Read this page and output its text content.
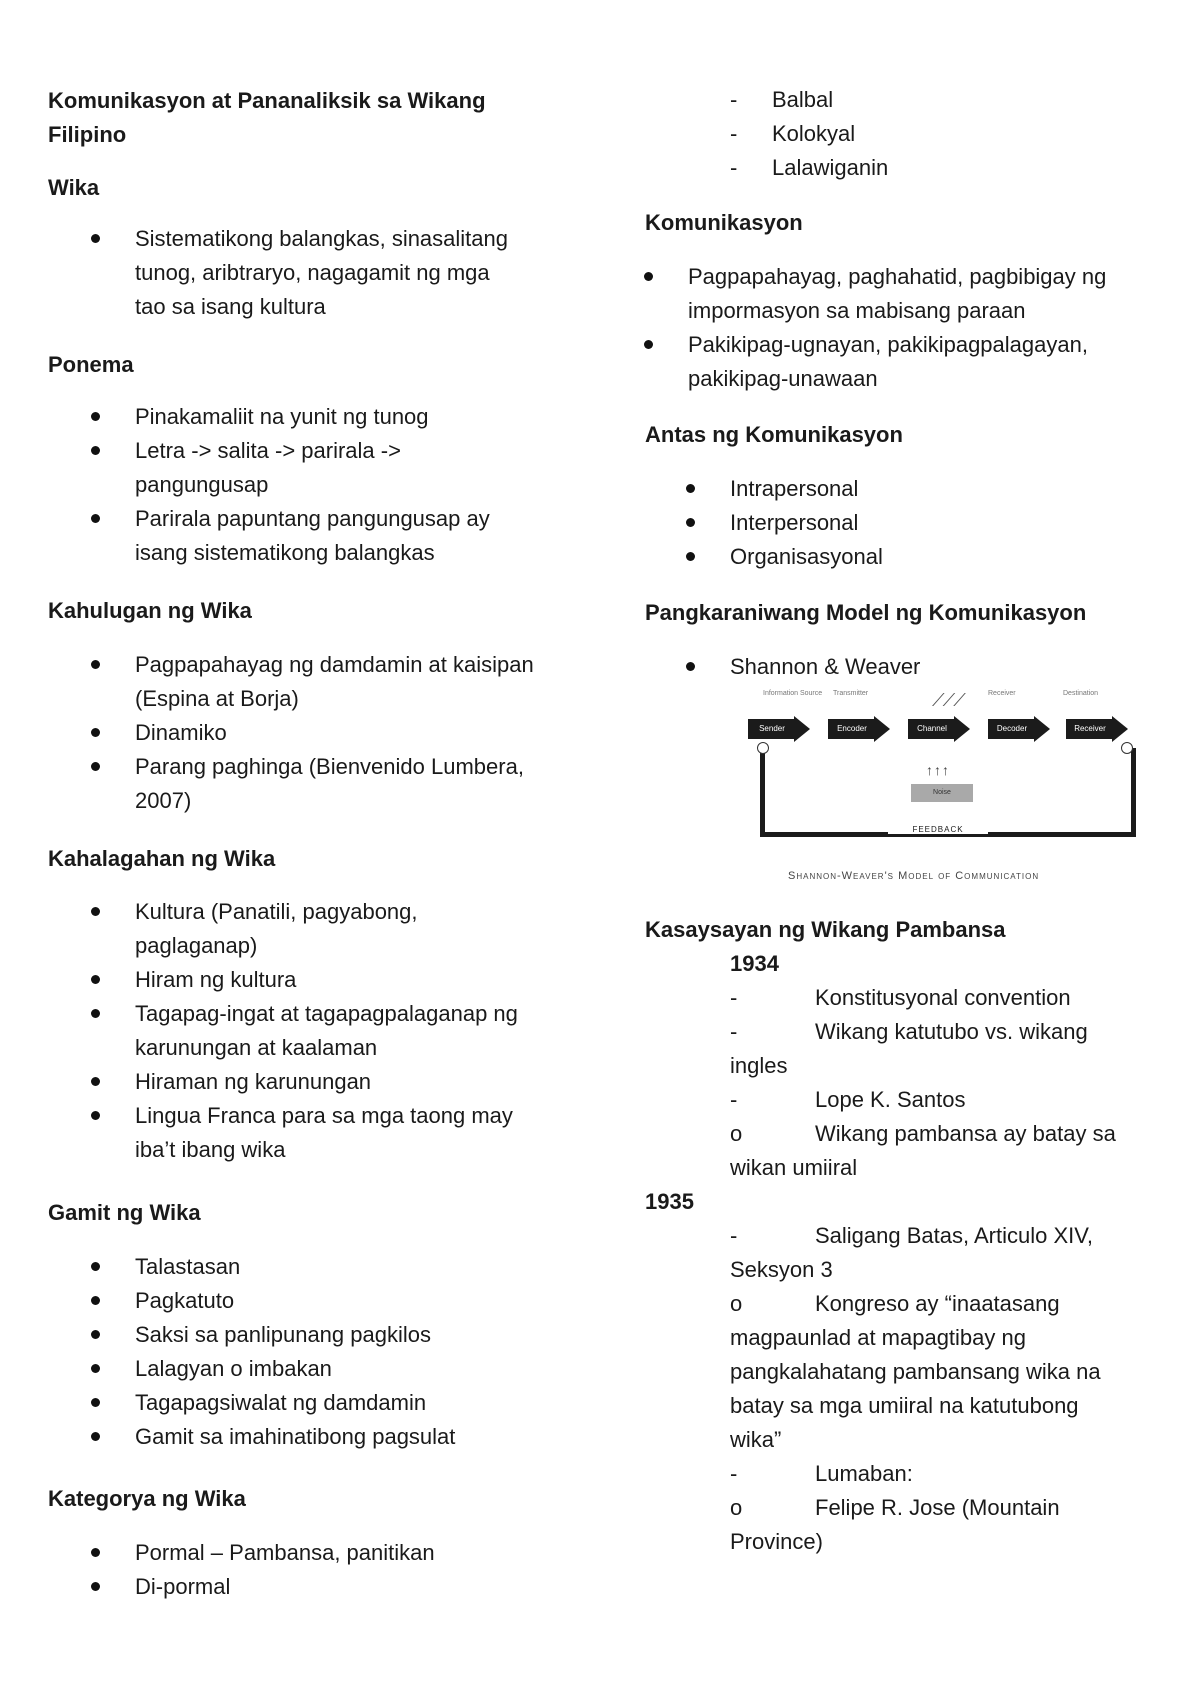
Komunikasyon at Pananaliksik sa Wikang
Filipino
Wika
Sistematikong balangkas, sinasalitang
tunog, aribtraryo, nagagamit ng mga
tao sa isang kultura
Ponema
Pinakamaliit na yunit ng tunog
Letra -> salita -> parirala ->
pangungusap
Parirala papuntang pangungusap ay
isang sistematikong balangkas
Kahulugan ng Wika
Pagpapahayag ng damdamin at kaisipan
(Espina at Borja)
Dinamiko
Parang paghinga (Bienvenido Lumbera,
2007)
Kahalagahan ng Wika
Kultura (Panatili, pagyabong,
paglaganap)
Hiram ng kultura
Tagapag-ingat at tagapagpalaganap ng
karunungan at kaalaman
Hiraman ng karunungan
Lingua Franca para sa mga taong may
iba’t ibang wika
Gamit ng Wika
Talastasan
Pagkatuto
Saksi sa panlipunang pagkilos
Lalagyan o imbakan
Tagapagsiwalat ng damdamin
Gamit sa imahinatibong pagsulat
Kategorya ng Wika
Pormal – Pambansa, panitikan
Di-pormal
- Balbal
- Kolokyal
- Lalawiganin
Komunikasyon
Pagpapahayag, paghahatid, pagbibigay ng
impormasyon sa mabisang paraan
Pakikipag-ugnayan, pakikipagpalagayan,
pakikipag-unawaan
Antas ng Komunikasyon
Intrapersonal
Interpersonal
Organisasyonal
Pangkaraniwang Model ng Komunikasyon
Shannon & Weaver
Information Source Transmitter	Receiver	Destination
⟋⟋⟋
Sender	Encoder	Channel	Decoder	Receiver
↑↑↑
Noise
FEEDBACK
Shannon-Weaver's Model of Communication
Kasaysayan ng Wikang Pambansa
1934
-	Konstitusyonal convention
-	Wikang katutubo vs. wikang
ingles
-	Lope K. Santos
o	Wikang pambansa ay batay sa
wikan umiiral
1935
-	Saligang Batas, Articulo XIV,
Seksyon 3
o	Kongreso ay “inaatasang
magpaunlad at mapagtibay ng
pangkalahatang pambansang wika na
batay sa mga umiiral na katutubong
wika”
-	Lumaban:
o	Felipe R. Jose (Mountain
Province)
